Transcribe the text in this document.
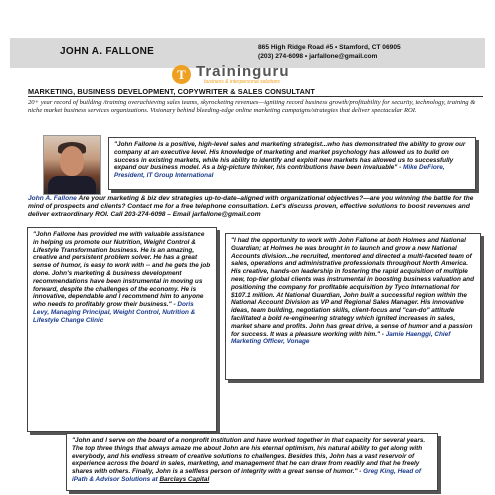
JOHN A. FALLONE	865 High Ridge Road #5 • Stamford, CT 06905
(203) 274-6098 • jarfallone@gmail.com
T Traininguru
business & interpersonal solutions
MARKETING, BUSINESS DEVELOPMENT, COPYWRITER & SALES CONSULTANT
20+ year record of building /training overachieving sales teams, skyrocketing revenues—igniting record business growth/profitability for security, technology, training & niche market business services organizations. Visionary behind bleeding-edge online marketing campaigns/strategies that deliver spectacular ROI.
"John Fallone is a positive, high-level sales and marketing strategist...who has demonstrated the ability to grow our company at an executive level. His knowledge of marketing and market psychology has allowed us to build on success in existing markets, while his ability to identify and exploit new markets has allowed us to successfully expand our business model. As a big-picture thinker, his contributions have been invaluable" - Mike DeFiore, President, IT Group International
John A. Fallone Are your marketing & biz dev strategies up-to-date–aligned with organizational objectives?—are you winning the battle for the mind of prospects and clients? Contact me for a free telephone consultation. Let's discuss proven, effective solutions to boost revenues and deliver extraordinary ROI. Call 203-274-6098 – Email jarfallone@gmail.com
"John Fallone has provided me with valuable assistance in helping us promote our Nutrition, Weight Control & Lifestyle Transformation business. He is an amazing, creative and persistent problem solver. He has a great sense of humor, is easy to work with -- and he gets the job done. John's marketing & business development recommendations have been instrumental in moving us forward, despite the challenges of the economy. He is innovative, dependable and I recommend him to anyone who needs to profitably grow their business." - Doris Levy, Managing Principal, Weight Control, Nutrition & Lifestyle Change Clinic
"I had the opportunity to work with John Fallone at both Holmes and National Guardian; at Holmes he was brought in to launch and grow a new National Accounts division...he recruited, mentored and directed a multi-faceted team of sales, operations and administrative professionals throughout North America. His creative, hands-on leadership in fostering the rapid acquisition of multiple new, top-tier global clients was instrumental in boosting business valuation and positioning the company for profitable acquisition by Tyco International for $107.1 million. At National Guardian, John built a successful region within the National Account Division as VP and Regional Sales Manager. His innovative ideas, team building, negotiation skills, client-focus and "can-do" attitude facilitated a bold re-engineering strategy which ignited increases in sales, market share and profits. John has great drive, a sense of humor and a passion for success. It was a pleasure working with him." - Jamie Haenggi, Chief Marketing Officer, Vonage
"John and I serve on the board of a nonprofit institution and have worked together in that capacity for several years. The top three things that always amaze me about John are his eternal optimism, his natural ability to get along with everybody, and his endless stream of creative solutions to challenges. Besides this, John has a vast reservoir of experience across the board in sales, marketing, and management that he can draw from readily and that he freely shares with others. Finally, John is a selfless person of integrity with a great sense of humor." - Greg King, Head of iPath & Advisor Solutions at Barclays Capital
